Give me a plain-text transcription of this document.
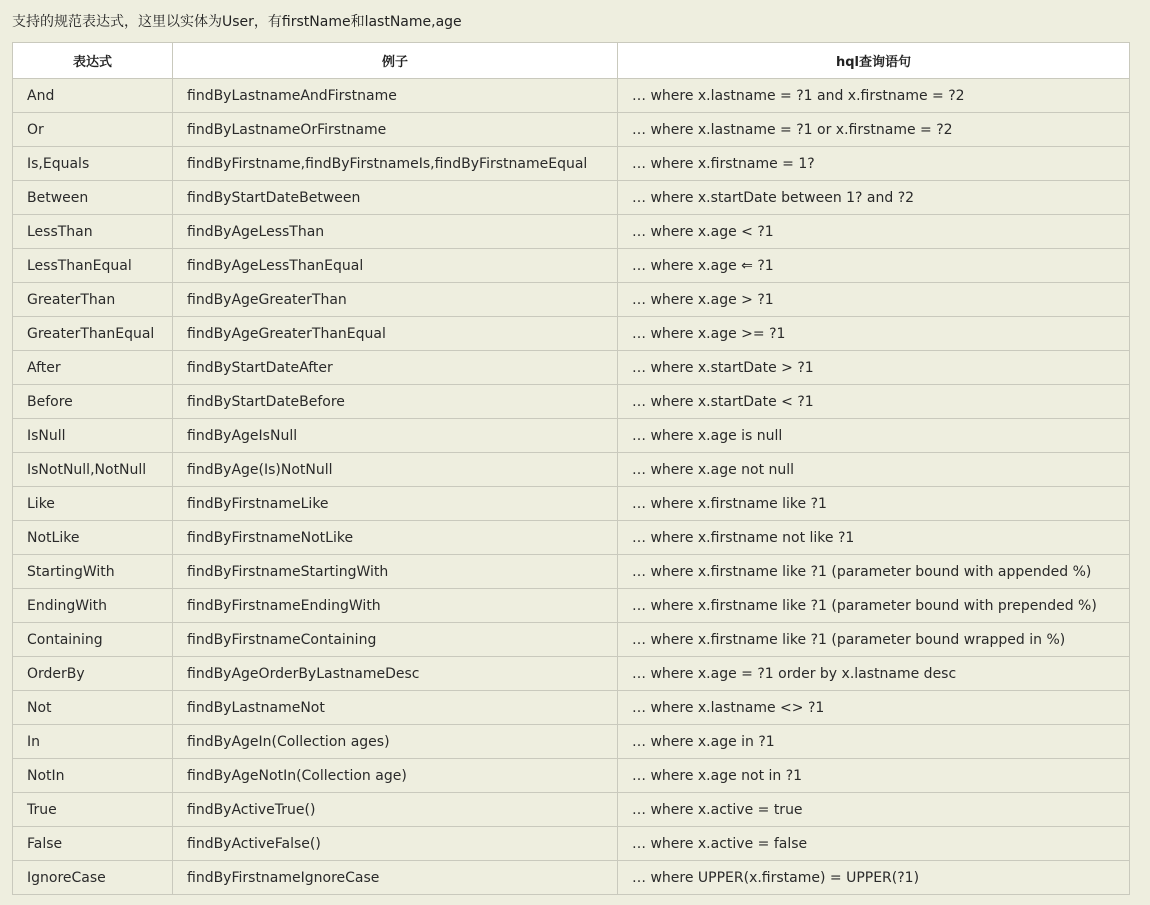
支持的规范表达式，这里以实体为User，有firstName和lastName,age
表达式	例子	hql查询语句
And	findByLastnameAndFirstname	… where x.lastname = ?1 and x.firstname = ?2
Or	findByLastnameOrFirstname	… where x.lastname = ?1 or x.firstname = ?2
Is,Equals	findByFirstname,findByFirstnameIs,findByFirstnameEqual	… where x.firstname = 1?
Between	findByStartDateBetween	… where x.startDate between 1? and ?2
LessThan	findByAgeLessThan	… where x.age < ?1
LessThanEqual	findByAgeLessThanEqual	… where x.age ⇐ ?1
GreaterThan	findByAgeGreaterThan	… where x.age > ?1
GreaterThanEqual	findByAgeGreaterThanEqual	… where x.age >= ?1
After	findByStartDateAfter	… where x.startDate > ?1
Before	findByStartDateBefore	… where x.startDate < ?1
IsNull	findByAgeIsNull	… where x.age is null
IsNotNull,NotNull	findByAge(Is)NotNull	… where x.age not null
Like	findByFirstnameLike	… where x.firstname like ?1
NotLike	findByFirstnameNotLike	… where x.firstname not like ?1
StartingWith	findByFirstnameStartingWith	… where x.firstname like ?1 (parameter bound with appended %)
EndingWith	findByFirstnameEndingWith	… where x.firstname like ?1 (parameter bound with prepended %)
Containing	findByFirstnameContaining	… where x.firstname like ?1 (parameter bound wrapped in %)
OrderBy	findByAgeOrderByLastnameDesc	… where x.age = ?1 order by x.lastname desc
Not	findByLastnameNot	… where x.lastname <> ?1
In	findByAgeIn(Collection ages)	… where x.age in ?1
NotIn	findByAgeNotIn(Collection age)	… where x.age not in ?1
True	findByActiveTrue()	… where x.active = true
False	findByActiveFalse()	… where x.active = false
IgnoreCase	findByFirstnameIgnoreCase	… where UPPER(x.firstame) = UPPER(?1)
